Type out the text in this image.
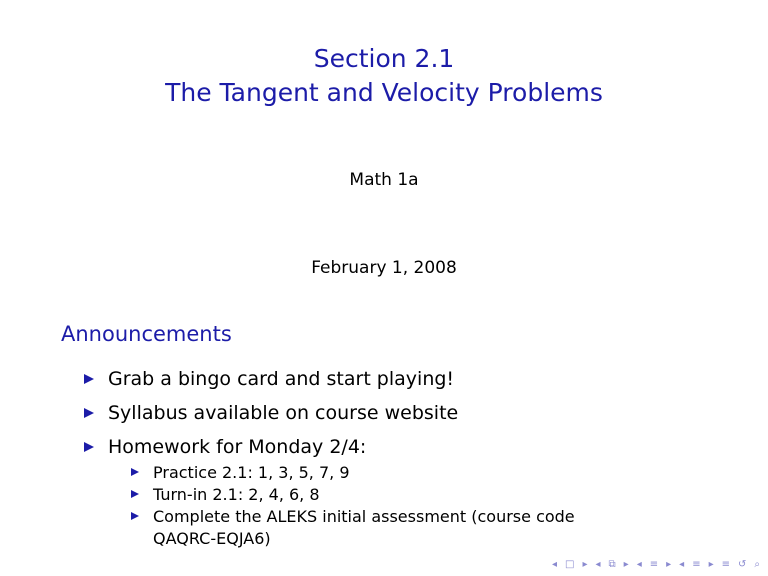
Section 2.1
The Tangent and Velocity Problems
Math 1a
February 1, 2008
Announcements
Grab a bingo card and start playing!
Syllabus available on course website
Homework for Monday 2/4:
Practice 2.1: 1, 3, 5, 7, 9
Turn-in 2.1: 2, 4, 6, 8
Complete the ALEKS initial assessment (course code
QAQRC-EQJA6)
◂ □ ▸ ◂ ⧉ ▸ ◂ ≡ ▸ ◂ ≡ ▸ ≡ ↺ ⌕
